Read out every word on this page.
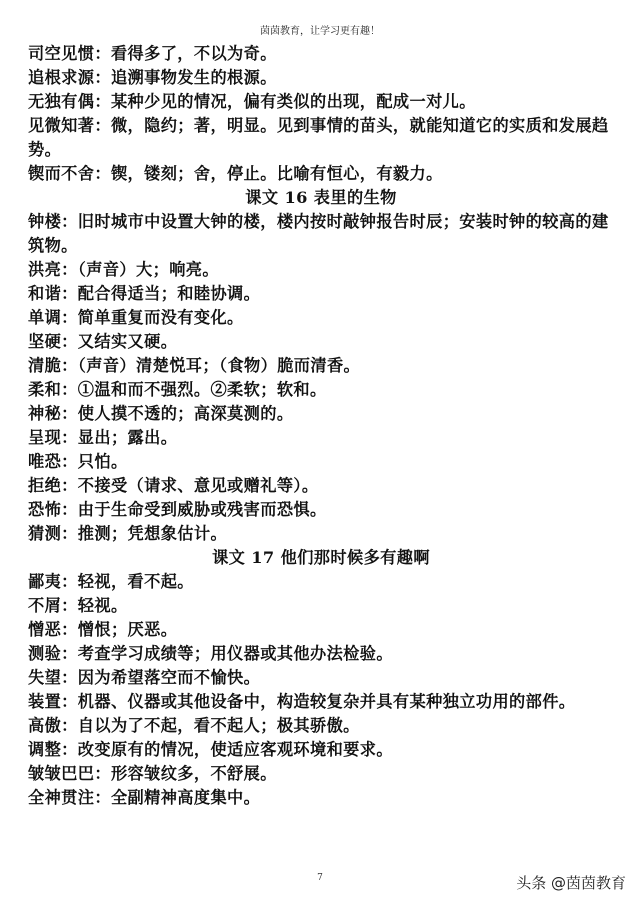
茵茵教育，让学习更有趣！

司空见惯：看得多了，不以为奇。

追根求源：追溯事物发生的根源。

无独有偶：某种少见的情况，偏有类似的出现，配成一对儿。

见微知著：微，隐约；著，明显。见到事情的苗头，就能知道它的实质和发展趋势。

锲而不舍：锲，镂刻；舍，停止。比喻有恒心，有毅力。

课文 16 表里的生物

钟楼：旧时城市中设置大钟的楼，楼内按时敲钟报告时辰；安装时钟的较高的建筑物。

洪亮：（声音）大；响亮。

和谐：配合得适当；和睦协调。

单调：简单重复而没有变化。

坚硬：又结实又硬。

清脆：（声音）清楚悦耳；（食物）脆而清香。

柔和：①温和而不强烈。②柔软；软和。

神秘：使人摸不透的；高深莫测的。

呈现：显出；露出。

唯恐：只怕。

拒绝：不接受（请求、意见或赠礼等）。

恐怖：由于生命受到威胁或残害而恐惧。

猜测：推测；凭想象估计。

课文 17 他们那时候多有趣啊

鄙夷：轻视，看不起。

不屑：轻视。

憎恶：憎恨；厌恶。

测验：考查学习成绩等；用仪器或其他办法检验。

失望：因为希望落空而不愉快。

装置：机器、仪器或其他设备中，构造较复杂并具有某种独立功用的部件。

高傲：自以为了不起，看不起人；极其骄傲。

调整：改变原有的情况，使适应客观环境和要求。

皱皱巴巴：形容皱纹多，不舒展。

全神贯注：全副精神高度集中。

7	头条 @茵茵教育
